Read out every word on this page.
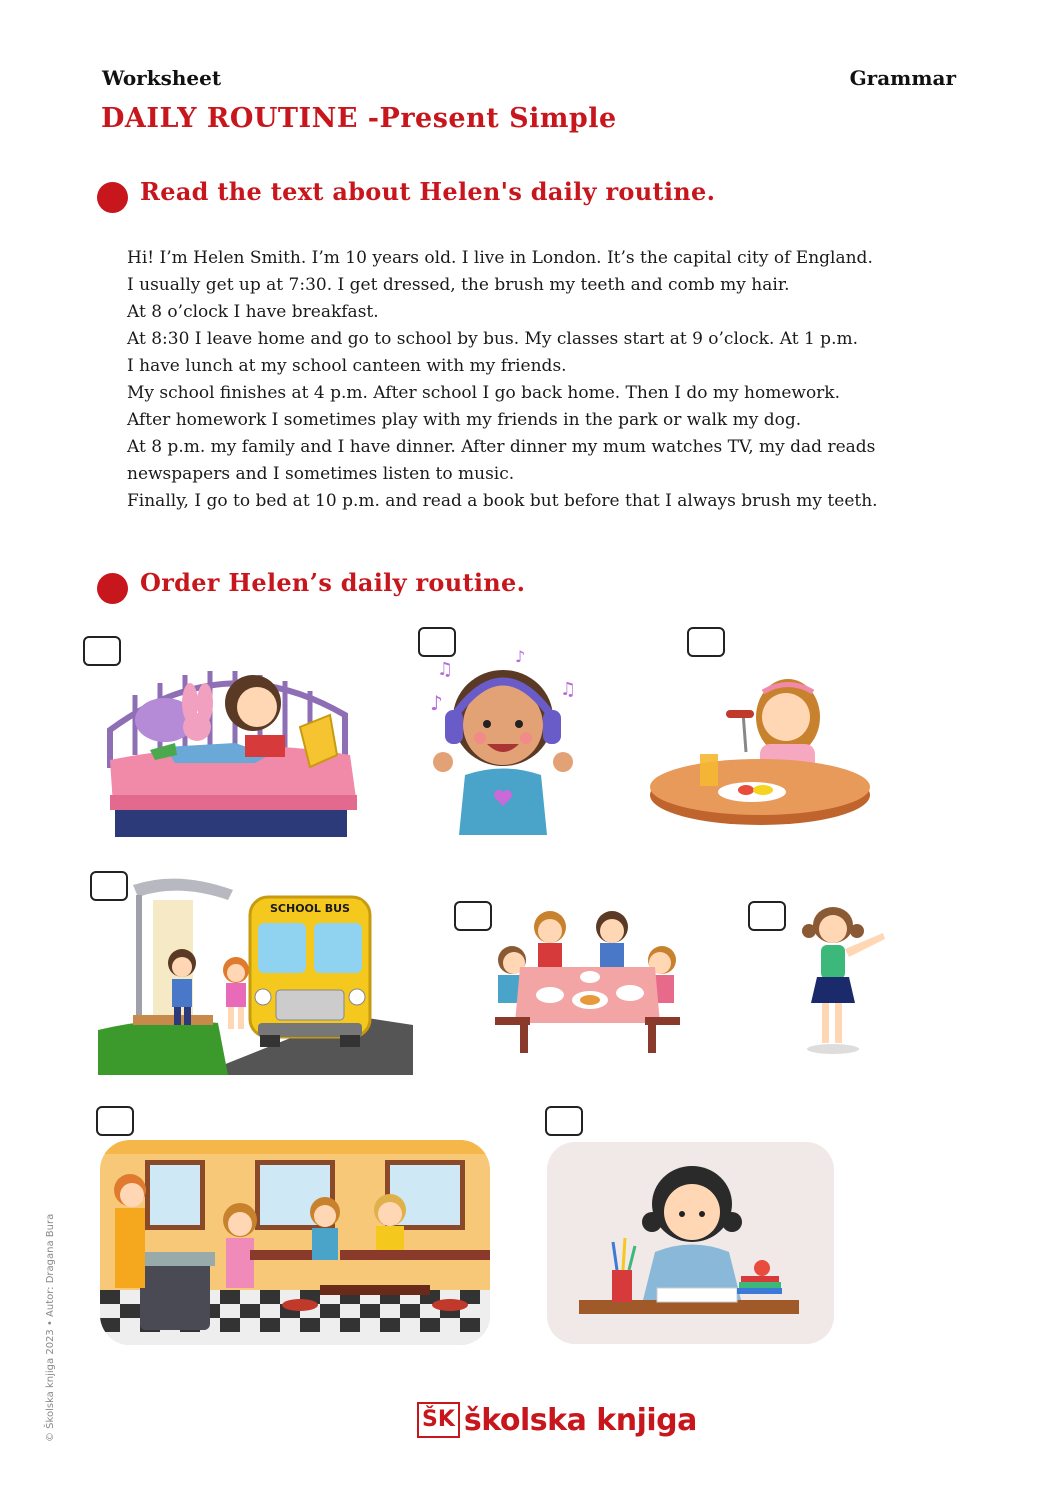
Worksheet	Grammar
DAILY ROUTINE -Present Simple
Read the text about Helen's daily routine.
Hi! I’m Helen Smith. I’m 10 years old. I live in London. It’s the capital city of England.
I usually get up at 7:30. I get dressed, the brush my teeth and comb my hair.
At 8 o’clock I have breakfast.
At 8:30 I leave home and go to school by bus. My classes start at 9 o’clock. At 1 p.m.
I have lunch at my school canteen with my friends.
My school finishes at 4 p.m. After school I go back home. Then I do my homework.
After homework I sometimes play with my friends in the park or walk my dog.
At 8 p.m. my family and I have dinner. After dinner my mum watches TV, my dad reads
newspapers and I sometimes listen to music.
Finally, I go to bed at 10 p.m. and read a book but before that I always brush my teeth.
Order Helen’s daily routine.
♪
♫
♪
♫
SCHOOL BUS
© Školska knjiga 2023 • Autor: Dragana Bura	ŠK školska knjiga
